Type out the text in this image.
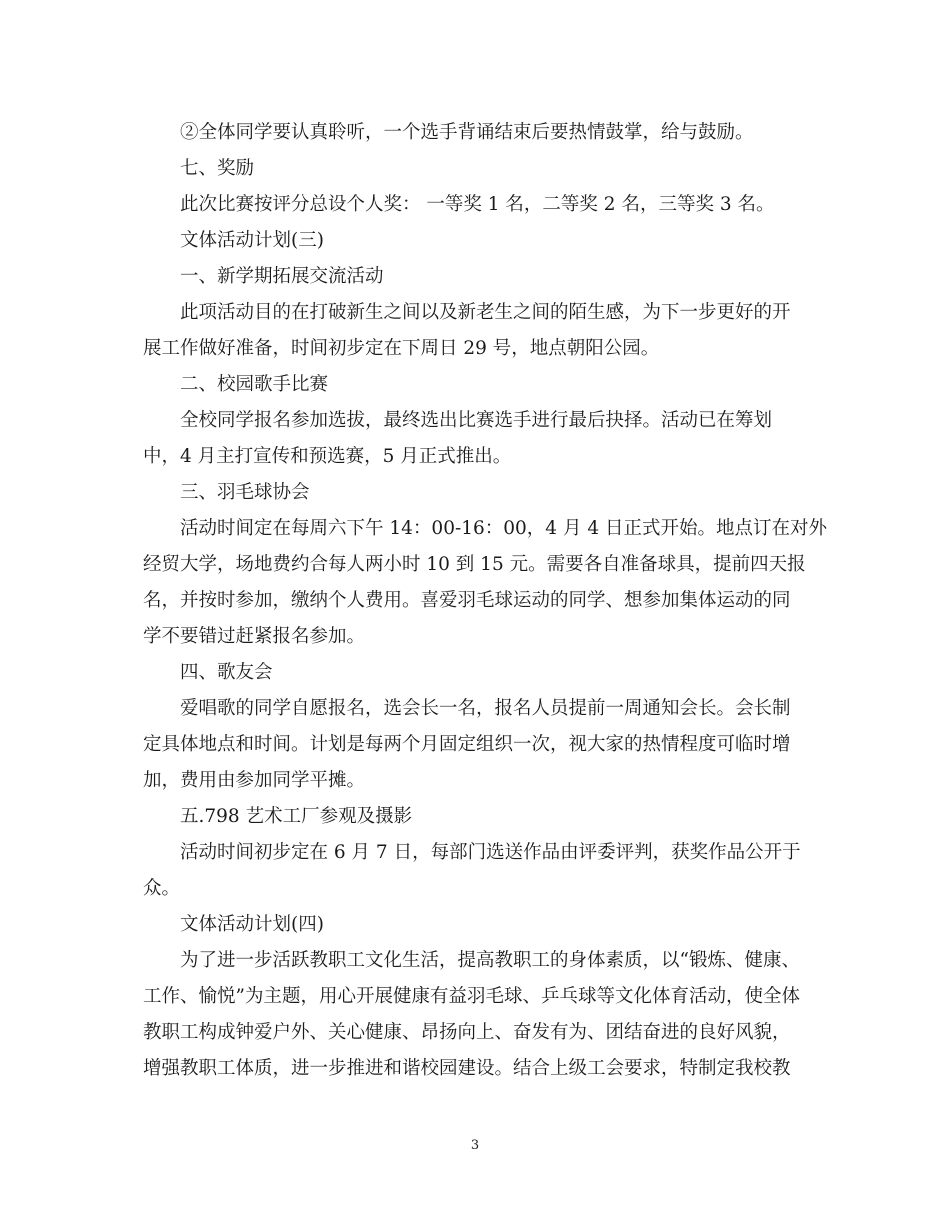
②全体同学要认真聆听，一个选手背诵结束后要热情鼓掌，给与鼓励。

七、奖励

此次比赛按评分总设个人奖： 一等奖 1 名，二等奖 2 名，三等奖 3 名。

文体活动计划(三)

一、新学期拓展交流活动

此项活动目的在打破新生之间以及新老生之间的陌生感，为下一步更好的开

展工作做好准备，时间初步定在下周日 29 号，地点朝阳公园。

二、校园歌手比赛

全校同学报名参加选拔，最终选出比赛选手进行最后抉择。活动已在筹划

中，4 月主打宣传和预选赛，5 月正式推出。

三、羽毛球协会

活动时间定在每周六下午 14：00-16：00，4 月 4 日正式开始。地点订在对外

经贸大学，场地费约合每人两小时 10 到 15 元。需要各自准备球具，提前四天报

名，并按时参加，缴纳个人费用。喜爱羽毛球运动的同学、想参加集体运动的同

学不要错过赶紧报名参加。

四、歌友会

爱唱歌的同学自愿报名，选会长一名，报名人员提前一周通知会长。会长制

定具体地点和时间。计划是每两个月固定组织一次，视大家的热情程度可临时增

加，费用由参加同学平摊。

五.798 艺术工厂参观及摄影

活动时间初步定在 6 月 7 日，每部门选送作品由评委评判，获奖作品公开于

众。

文体活动计划(四)

为了进一步活跃教职工文化生活，提高教职工的身体素质，以“锻炼、健康、

工作、愉悦”为主题，用心开展健康有益羽毛球、乒乓球等文化体育活动，使全体

教职工构成钟爱户外、关心健康、昂扬向上、奋发有为、团结奋进的良好风貌，

增强教职工体质，进一步推进和谐校园建设。结合上级工会要求，特制定我校教

3
